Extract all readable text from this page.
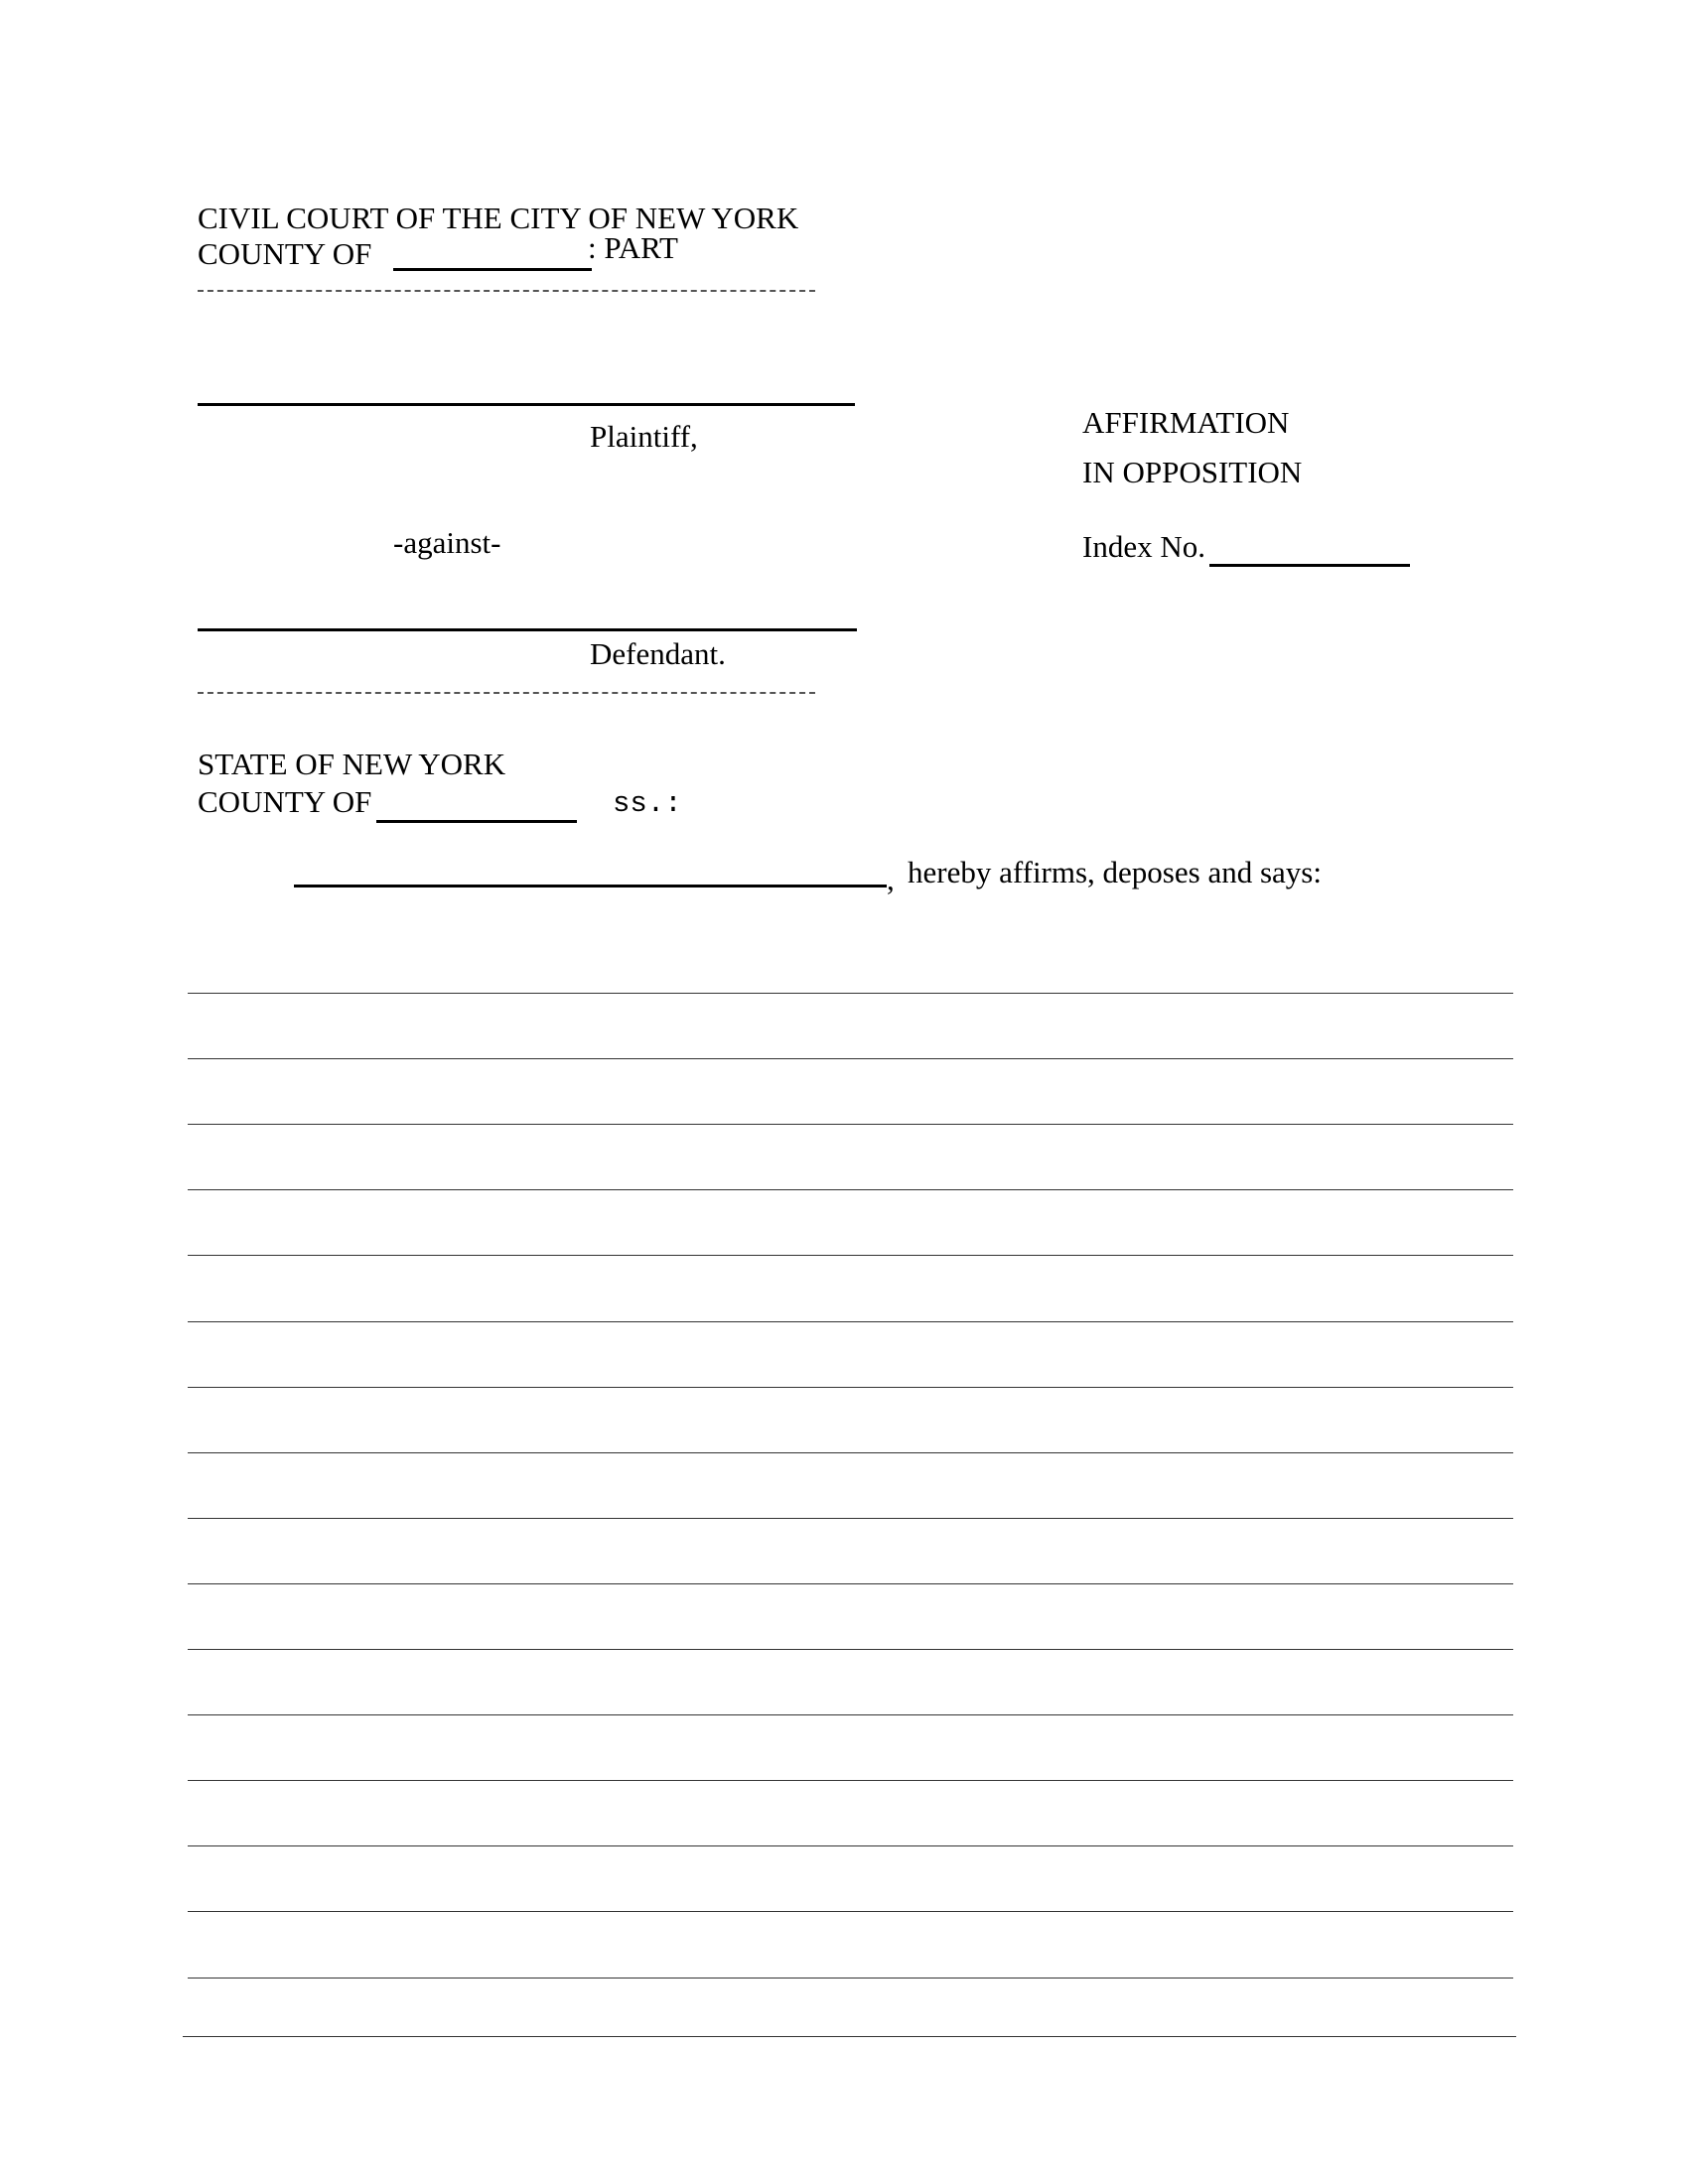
CIVIL COURT OF THE CITY OF NEW YORK
COUNTY OF	: PART
Plaintiff,
-against-
Defendant.
AFFIRMATION
IN OPPOSITION
Index No.
STATE OF NEW YORK
COUNTY OF	ss.:
, hereby affirms, deposes and says:
